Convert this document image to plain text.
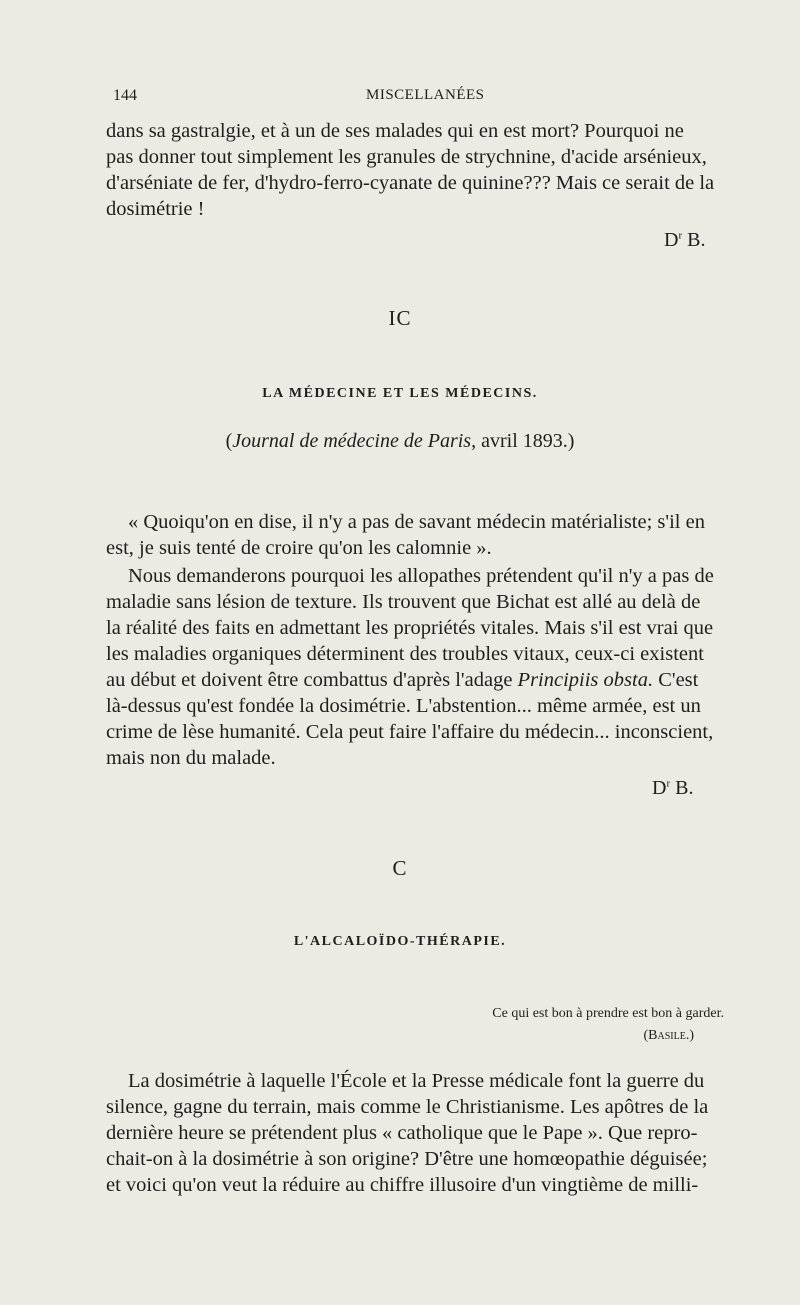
144	MISCELLANÉES

dans sa gastralgie, et à un de ses malades qui en est mort? Pourquoi ne

pas donner tout simplement les granules de strychnine, d'acide arsénieux,

d'arséniate de fer, d'hydro-ferro-cyanate de quinine??? Mais ce serait de la

dosimétrie !

$D^r$ B.
IC
LA MÉDECINE ET LES MÉDECINS.
(Journal de médecine de Paris, avril 1893.)

« Quoiqu'on en dise, il n'y a pas de savant médecin matérialiste; s'il en

est, je suis tenté de croire qu'on les calomnie ».

Nous demanderons pourquoi les allopathes prétendent qu'il n'y a pas de

maladie sans lésion de texture. Ils trouvent que Bichat est allé au delà de

la réalité des faits en admettant les propriétés vitales. Mais s'il est vrai que

les maladies organiques déterminent des troubles vitaux, ceux-ci existent

au début et doivent être combattus d'après l'adage Principiis obsta. C'est

là-dessus qu'est fondée la dosimétrie. L'abstention... même armée, est un

crime de lèse humanité. Cela peut faire l'affaire du médecin... inconscient,

mais non du malade.

$D^r$ B.
C
L'ALCALOÏDO-THÉRAPIE.
Ce qui est bon à prendre est bon à garder.
(Basile.)

La dosimétrie à laquelle l'École et la Presse médicale font la guerre du

silence, gagne du terrain, mais comme le Christianisme. Les apôtres de la

dernière heure se prétendent plus « catholique que le Pape ». Que repro-

chait-on à la dosimétrie à son origine? D'être une homœopathie déguisée;

et voici qu'on veut la réduire au chiffre illusoire d'un vingtième de milli-
